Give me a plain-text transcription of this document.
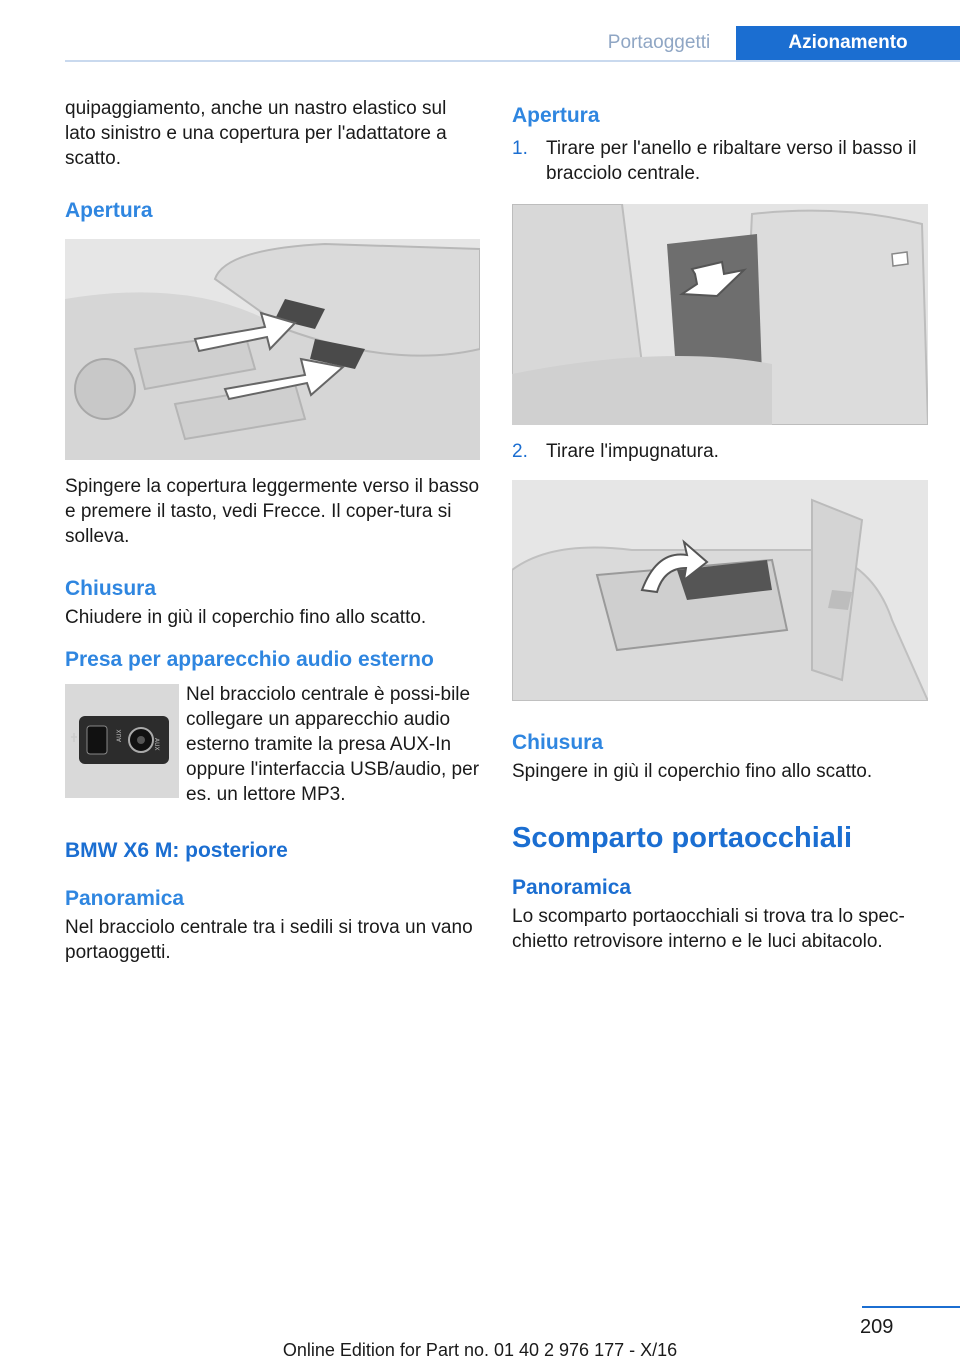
Portaoggetti	Azionamento

quipaggiamento, anche un nastro elastico sul lato sinistro e una copertura per l'adattatore a scatto.

Apertura

Spingere la copertura leggermente verso il basso e premere il tasto, vedi Frecce. Il coper‐tura si solleva.

Chiusura

Chiudere in giù il coperchio fino allo scatto.

Presa per apparecchio audio esterno
AUX
AUX

Nel bracciolo centrale è possi‐bile collegare un apparecchio audio esterno tramite la presa AUX-In oppure l'interfaccia USB/audio, per es. un lettore MP3.

BMW X6 M: posteriore
Panoramica

Nel bracciolo centrale tra i sedili si trova un vano portaoggetti.

Apertura
1. Tirare per l'anello e ribaltare verso il basso il bracciolo centrale.
2. Tirare l'impugnatura.
Chiusura

Spingere in giù il coperchio fino allo scatto.

Scomparto portaocchiali
Panoramica

Lo scomparto portaocchiali si trova tra lo spec‐chietto retrovisore interno e le luci abitacolo.

209
Online Edition for Part no. 01 40 2 976 177 - X/16
